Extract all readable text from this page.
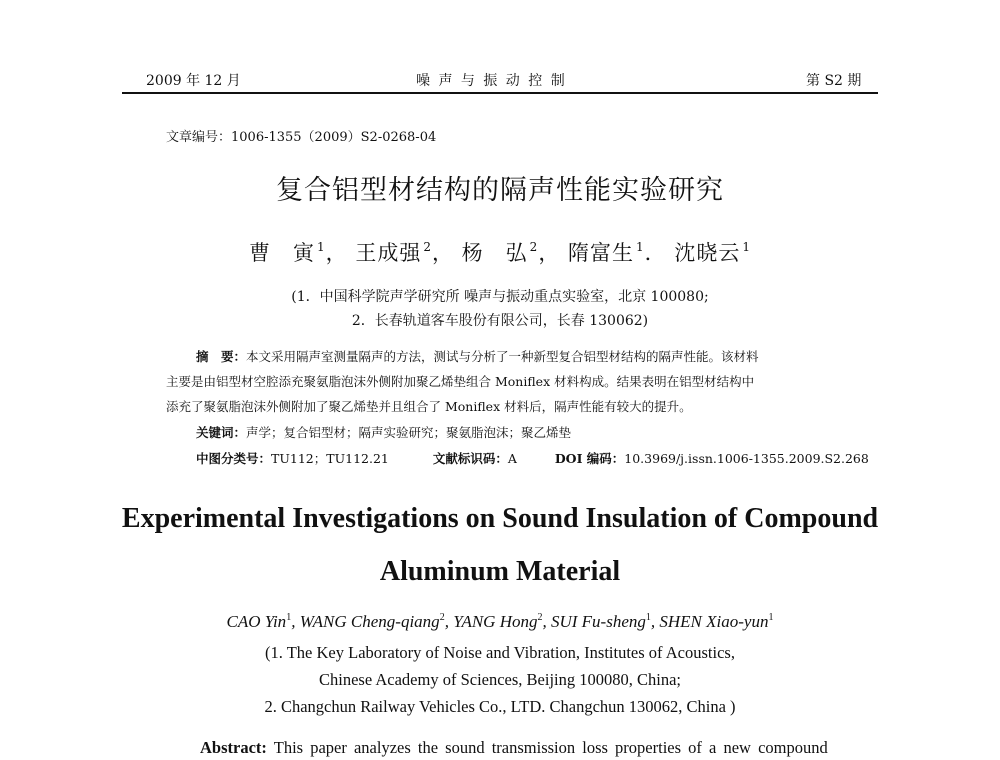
2009 年 12 月	噪 声 与 振 动 控 制	第 S2 期
文章编号：1006-1355（2009）S2-0268-04
复合铝型材结构的隔声性能实验研究
曹　寅 $^1$， 王成强 $^2$， 杨　弘 $^2$， 隋富生 $^1$． 沈晓云 $^1$
(1．中国科学院声学研究所 噪声与振动重点实验室，北京 100080;
2．长春轨道客车股份有限公司，长春 130062)
摘　要：本文采用隔声室测量隔声的方法，测试与分析了一种新型复合铝型材结构的隔声性能。该材料
主要是由铝型材空腔添充聚氨脂泡沫外侧附加聚乙烯垫组合 Moniflex 材料构成。结果表明在铝型材结构中
添充了聚氨脂泡沫外侧附加了聚乙烯垫并且组合了 Moniflex 材料后，隔声性能有较大的提升。
关键词：声学；复合铝型材；隔声实验研究；聚氨脂泡沫；聚乙烯垫
中图分类号：TU112；TU112.21	文献标识码：A	DOI 编码：10.3969/j.issn.1006-1355.2009.S2.268
Experimental Investigations on Sound Insulation of Compound
Aluminum Material
CAO Yin$^1$, WANG Cheng-qiang$^2$, YANG Hong$^2$, SUI Fu-sheng$^1$, SHEN Xiao-yun$^1$
(1. The Key Laboratory of Noise and Vibration, Institutes of Acoustics,
Chinese Academy of Sciences, Beijing 100080, China;
2. Changchun Railway Vehicles Co., LTD. Changchun 130062, China )
Abstract: This paper analyzes the sound transmission loss properties of a new compound
